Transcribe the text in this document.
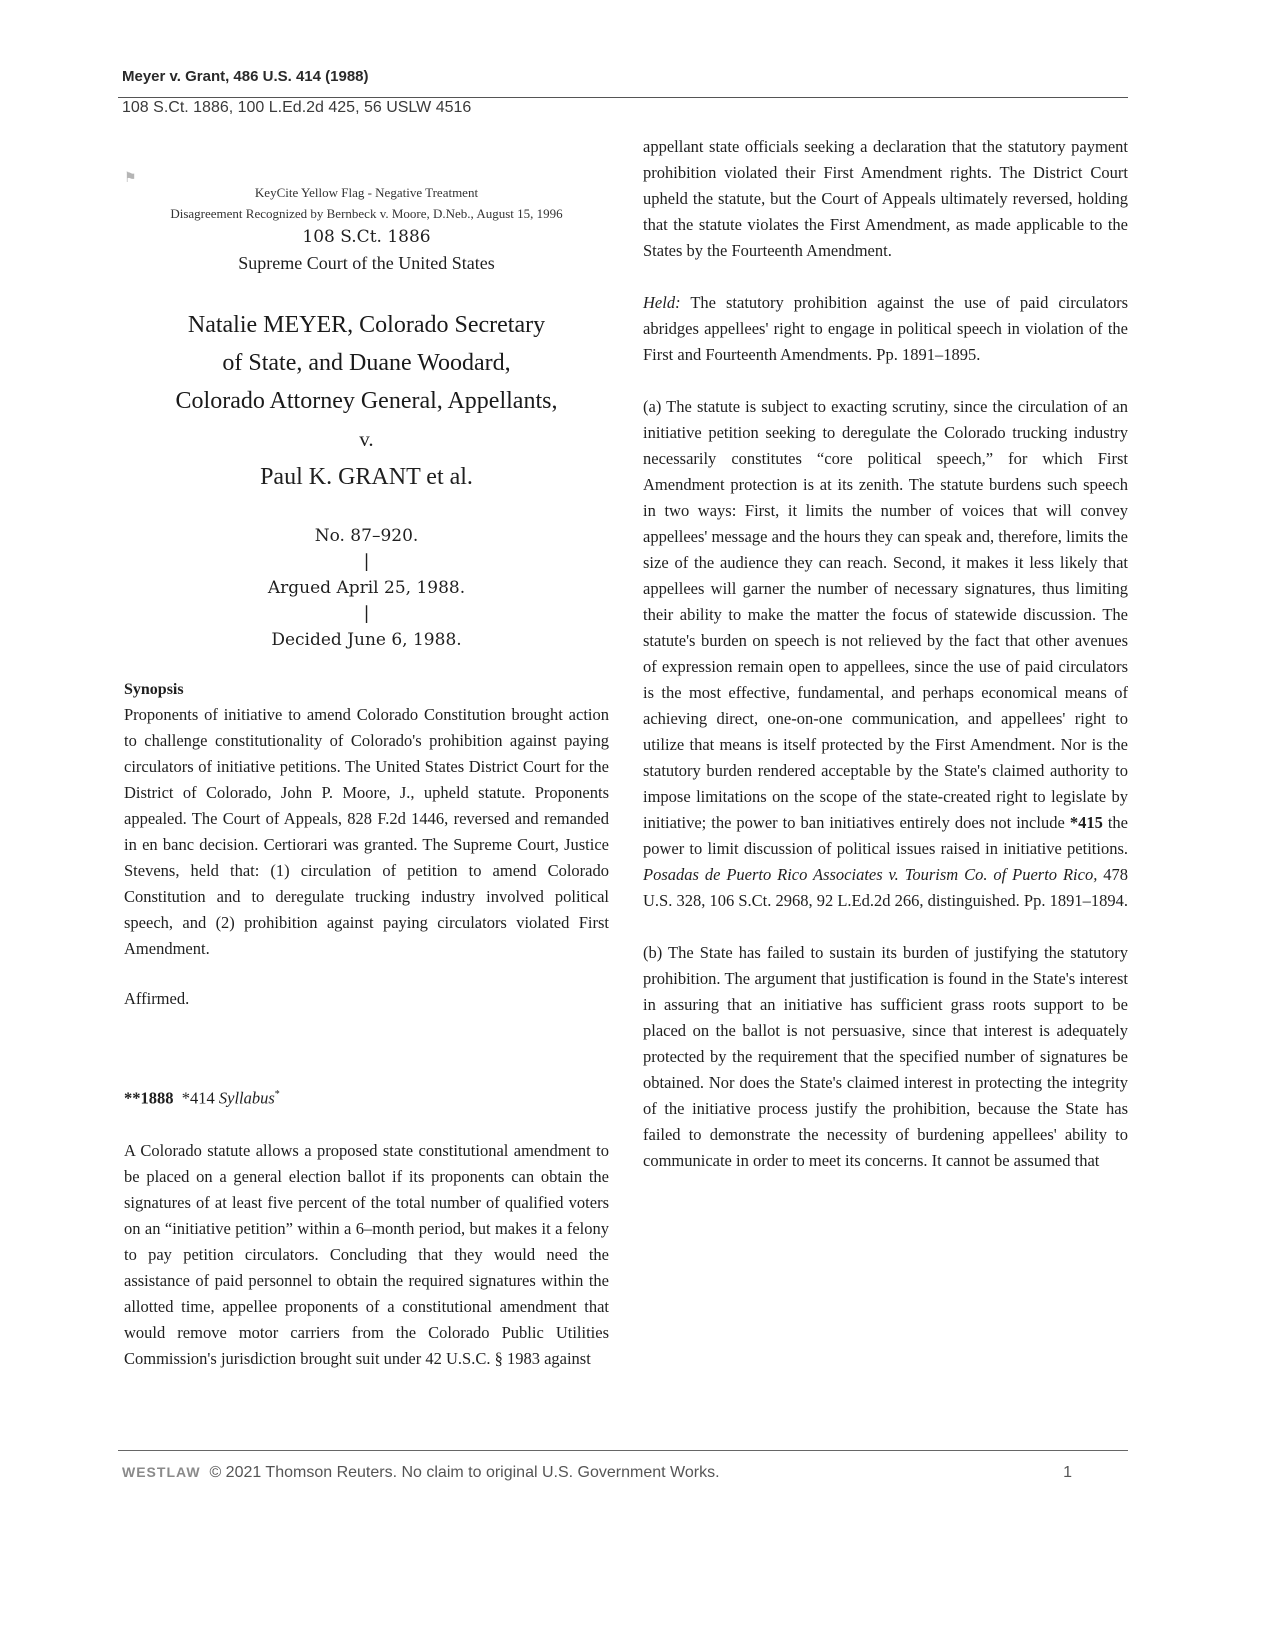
Meyer v. Grant, 486 U.S. 414 (1988)
108 S.Ct. 1886, 100 L.Ed.2d 425, 56 USLW 4516
⚑
KeyCite Yellow Flag - Negative Treatment
Disagreement Recognized by Bernbeck v. Moore, D.Neb., August 15, 1996
108 S.Ct. 1886
Supreme Court of the United States
Natalie MEYER, Colorado Secretary
of State, and Duane Woodard,
Colorado Attorney General, Appellants,
v.
Paul K. GRANT et al.
No. 87–920.
|
Argued April 25, 1988.
|
Decided June 6, 1988.
Synopsis

Proponents of initiative to amend Colorado Constitution brought action to challenge constitutionality of Colorado's prohibition against paying circulators of initiative petitions. The United States District Court for the District of Colorado, John P. Moore, J., upheld statute. Proponents appealed. The Court of Appeals, 828 F.2d 1446, reversed and remanded in en banc decision. Certiorari was granted. The Supreme Court, Justice Stevens, held that: (1) circulation of petition to amend Colorado Constitution and to deregulate trucking industry involved political speech, and (2) prohibition against paying circulators violated First Amendment.

Affirmed.
**1888 *414 Syllabus*

A Colorado statute allows a proposed state constitutional amendment to be placed on a general election ballot if its proponents can obtain the signatures of at least five percent of the total number of qualified voters on an “initiative petition” within a 6–month period, but makes it a felony to pay petition circulators. Concluding that they would need the assistance of paid personnel to obtain the required signatures within the allotted time, appellee proponents of a constitutional amendment that would remove motor carriers from the Colorado Public Utilities Commission's jurisdiction brought suit under 42 U.S.C. § 1983 against

appellant state officials seeking a declaration that the statutory payment prohibition violated their First Amendment rights. The District Court upheld the statute, but the Court of Appeals ultimately reversed, holding that the statute violates the First Amendment, as made applicable to the States by the Fourteenth Amendment.

Held: The statutory prohibition against the use of paid circulators abridges appellees' right to engage in political speech in violation of the First and Fourteenth Amendments. Pp. 1891–1895.

(a) The statute is subject to exacting scrutiny, since the circulation of an initiative petition seeking to deregulate the Colorado trucking industry necessarily constitutes “core political speech,” for which First Amendment protection is at its zenith. The statute burdens such speech in two ways: First, it limits the number of voices that will convey appellees' message and the hours they can speak and, therefore, limits the size of the audience they can reach. Second, it makes it less likely that appellees will garner the number of necessary signatures, thus limiting their ability to make the matter the focus of statewide discussion. The statute's burden on speech is not relieved by the fact that other avenues of expression remain open to appellees, since the use of paid circulators is the most effective, fundamental, and perhaps economical means of achieving direct, one-on-one communication, and appellees' right to utilize that means is itself protected by the First Amendment. Nor is the statutory burden rendered acceptable by the State's claimed authority to impose limitations on the scope of the state-created right to legislate by initiative; the power to ban initiatives entirely does not include *415 the power to limit discussion of political issues raised in initiative petitions. Posadas de Puerto Rico Associates v. Tourism Co. of Puerto Rico, 478 U.S. 328, 106 S.Ct. 2968, 92 L.Ed.2d 266, distinguished. Pp. 1891–1894.

(b) The State has failed to sustain its burden of justifying the statutory prohibition. The argument that justification is found in the State's interest in assuring that an initiative has sufficient grass roots support to be placed on the ballot is not persuasive, since that interest is adequately protected by the requirement that the specified number of signatures be obtained. Nor does the State's claimed interest in protecting the integrity of the initiative process justify the prohibition, because the State has failed to demonstrate the necessity of burdening appellees' ability to communicate in order to meet its concerns. It cannot be assumed that

WESTLAW © 2021 Thomson Reuters. No claim to original U.S. Government Works.	1
